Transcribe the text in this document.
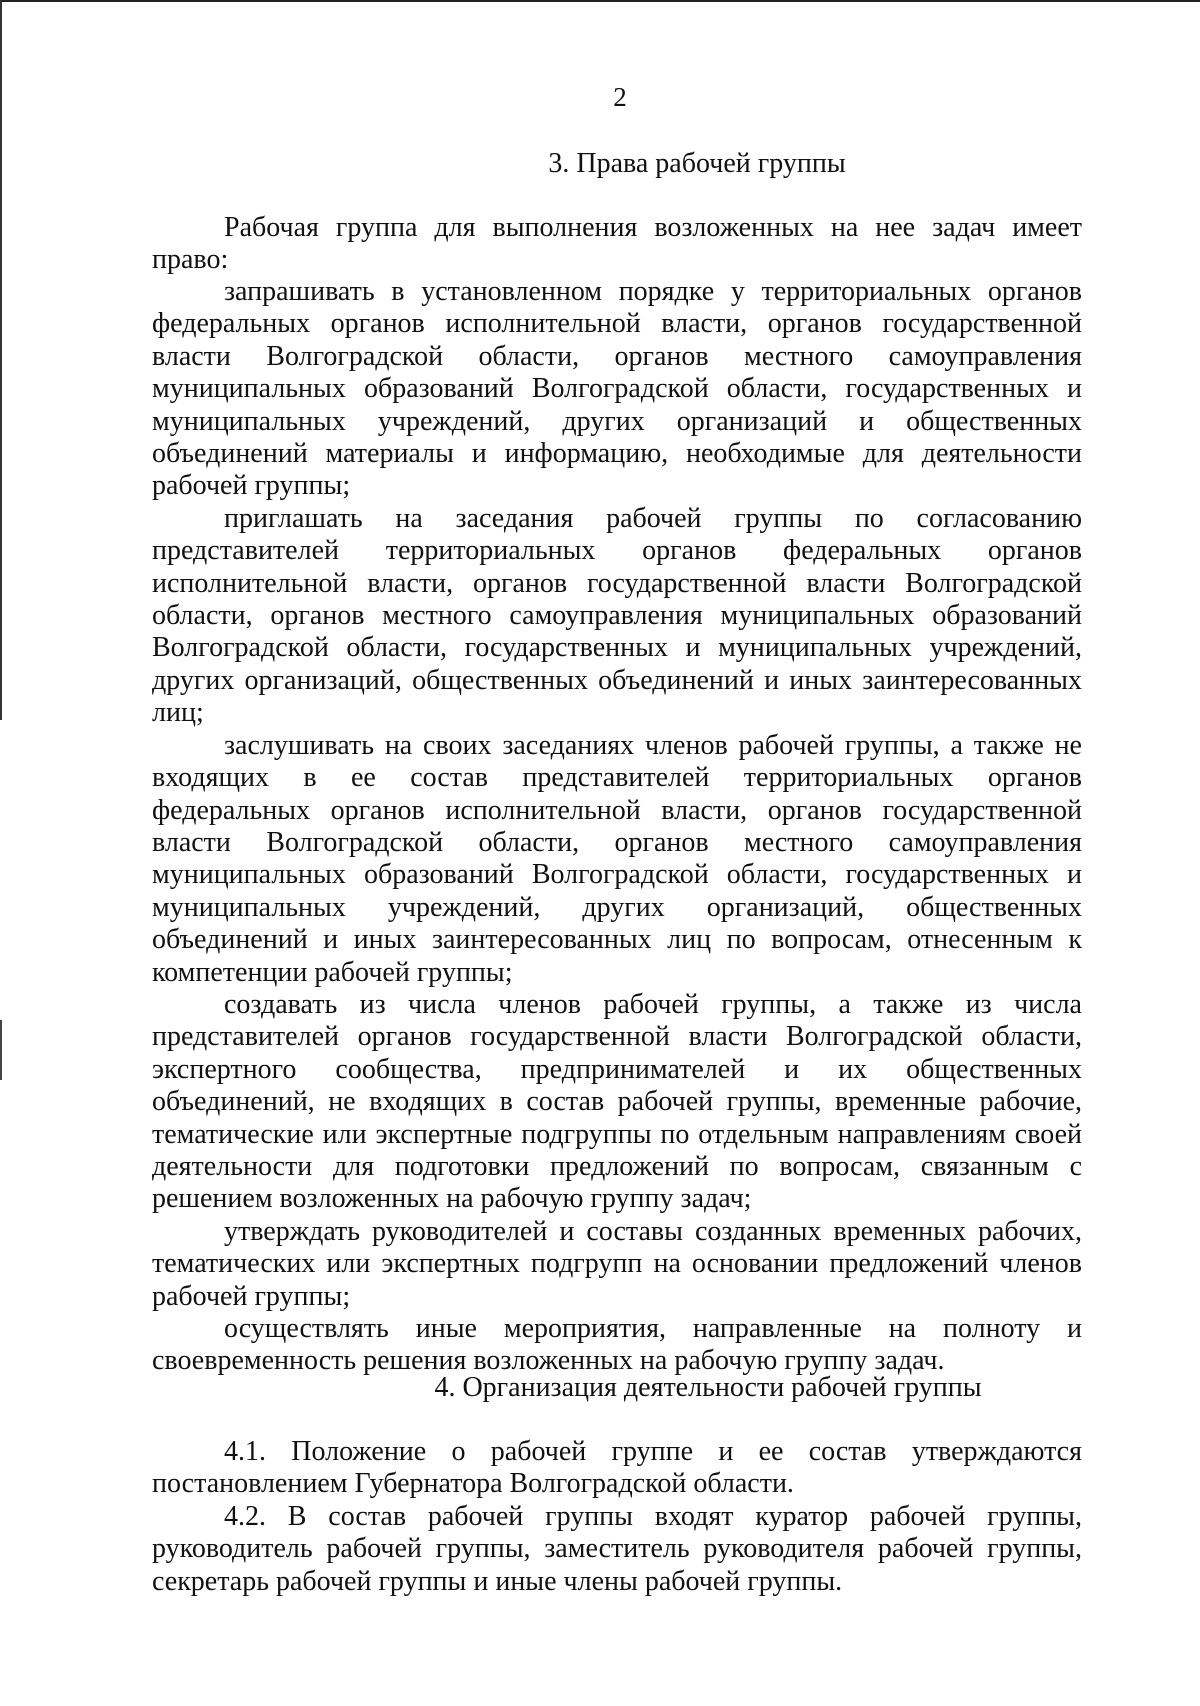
2
3. Права рабочей группы

Рабочая группа для выполнения возложенных на нее задач имеет право:

запрашивать в установленном порядке у территориальных органов федеральных органов исполнительной власти, органов государственной власти Волгоградской области, органов местного самоуправления муниципальных образований Волгоградской области, государственных и муниципальных учреждений, других организаций и общественных объединений материалы и информацию, необходимые для деятельности рабочей группы;

приглашать на заседания рабочей группы по согласованию представителей территориальных органов федеральных органов исполнительной власти, органов государственной власти Волгоградской области, органов местного самоуправления муниципальных образований Волгоградской области, государственных и муниципальных учреждений, других организаций, общественных объединений и иных заинтересованных лиц;

заслушивать на своих заседаниях членов рабочей группы, а также не входящих в ее состав представителей территориальных органов федеральных органов исполнительной власти, органов государственной власти Волгоградской области, органов местного самоуправления муниципальных образований Волгоградской области, государственных и муниципальных учреждений, других организаций, общественных объединений и иных заинтересованных лиц по вопросам, отнесенным к компетенции рабочей группы;

создавать из числа членов рабочей группы, а также из числа представителей органов государственной власти Волгоградской области, экспертного сообщества, предпринимателей и их общественных объединений, не входящих в состав рабочей группы, временные рабочие, тематические или экспертные подгруппы по отдельным направлениям своей деятельности для подготовки предложений по вопросам, связанным с решением возложенных на рабочую группу задач;

утверждать руководителей и составы созданных временных рабочих, тематических или экспертных подгрупп на основании предложений членов рабочей группы;

осуществлять иные мероприятия, направленные на полноту и своевременность решения возложенных на рабочую группу задач.

4. Организация деятельности рабочей группы

4.1. Положение о рабочей группе и ее состав утверждаются постановлением Губернатора Волгоградской области.

4.2. В состав рабочей группы входят куратор рабочей группы, руководитель рабочей группы, заместитель руководителя рабочей группы, секретарь рабочей группы и иные члены рабочей группы.
